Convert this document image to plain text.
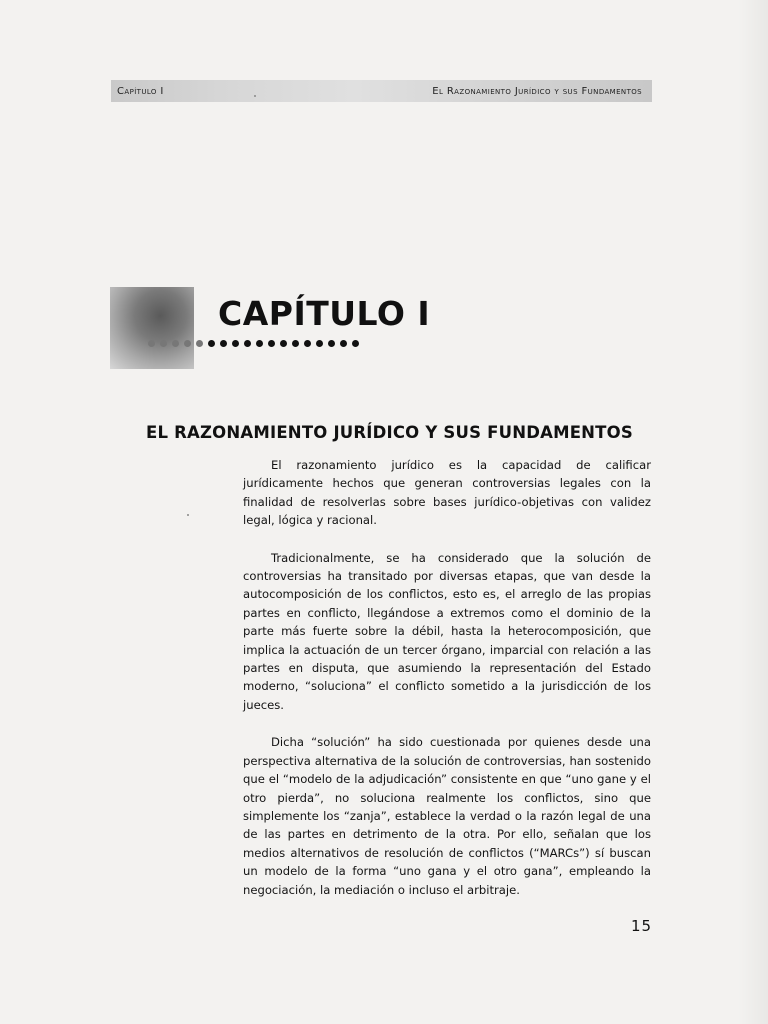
Capítulo I	El Razonamiento Jurídico y sus Fundamentos
CAPÍTULO I
EL RAZONAMIENTO JURÍDICO Y SUS FUNDAMENTOS

El razonamiento jurídico es la capacidad de calificar jurídicamente hechos que generan controversias legales con la finalidad de resolverlas sobre bases jurídico-objetivas con validez legal, lógica y racional.

Tradicionalmente, se ha considerado que la solución de controversias ha transitado por diversas etapas, que van desde la autocomposición de los conflictos, esto es, el arreglo de las propias partes en conflicto, llegándose a extremos como el dominio de la parte más fuerte sobre la débil, hasta la heterocomposición, que implica la actuación de un tercer órgano, imparcial con relación a las partes en disputa, que asumiendo la representación del Estado moderno, “soluciona” el conflicto sometido a la jurisdicción de los jueces.

Dicha “solución” ha sido cuestionada por quienes desde una perspectiva alternativa de la solución de controversias, han sostenido que el “modelo de la adjudicación” consistente en que “uno gane y el otro pierda”, no soluciona realmente los conflictos, sino que simplemente los “zanja”, establece la verdad o la razón legal de una de las partes en detrimento de la otra. Por ello, señalan que los medios alternativos de resolución de conflictos (“MARCs”) sí buscan un modelo de la forma “uno gana y el otro gana”, empleando la negociación, la mediación o incluso el arbitraje.

15
